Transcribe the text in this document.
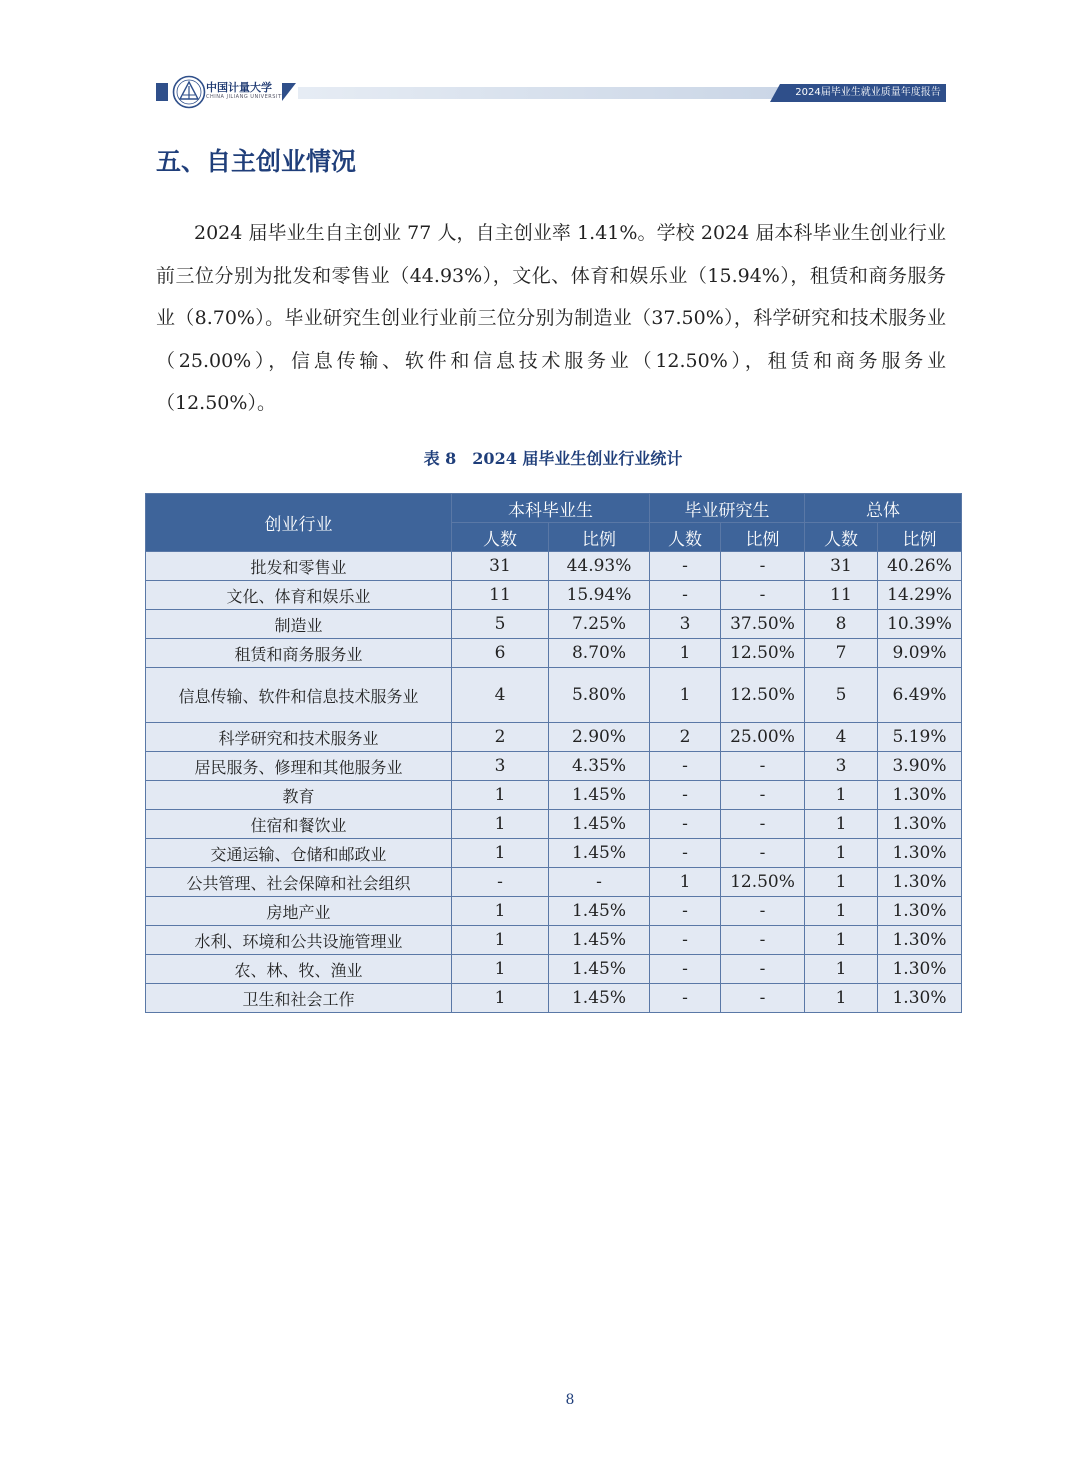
中国计量大学
CHINA JILIANG UNIVERSITY	2024届毕业生就业质量年度报告
五、自主创业情况

2024 届毕业生自主创业 77 人，自主创业率 1.41%。学校 2024 届本科毕业生创业行业前三位分别为批发和零售业（44.93%），文化、体育和娱乐业（15.94%），租赁和商务服务业（8.70%）。毕业研究生创业行业前三位分别为制造业（37.50%），科学研究和技术服务业（25.00%），信息传输、软件和信息技术服务业（12.50%），租赁和商务服务业（12.50%）。

表 8　2024 届毕业生创业行业统计
创业行业	本科毕业生		毕业研究生		总体	
	人数	比例	人数	比例	人数	比例
批发和零售业	31	44.93%	-	-	31	40.26%
文化、体育和娱乐业	11	15.94%	-	-	11	14.29%
制造业	5	7.25%	3	37.50%	8	10.39%
租赁和商务服务业	6	8.70%	1	12.50%	7	9.09%
信息传输、软件和信息技术服务业	4	5.80%	1	12.50%	5	6.49%
科学研究和技术服务业	2	2.90%	2	25.00%	4	5.19%
居民服务、修理和其他服务业	3	4.35%	-	-	3	3.90%
教育	1	1.45%	-	-	1	1.30%
住宿和餐饮业	1	1.45%	-	-	1	1.30%
交通运输、仓储和邮政业	1	1.45%	-	-	1	1.30%
公共管理、社会保障和社会组织	-	-	1	12.50%	1	1.30%
房地产业	1	1.45%	-	-	1	1.30%
水利、环境和公共设施管理业	1	1.45%	-	-	1	1.30%
农、林、牧、渔业	1	1.45%	-	-	1	1.30%
卫生和社会工作	1	1.45%	-	-	1	1.30%
8
